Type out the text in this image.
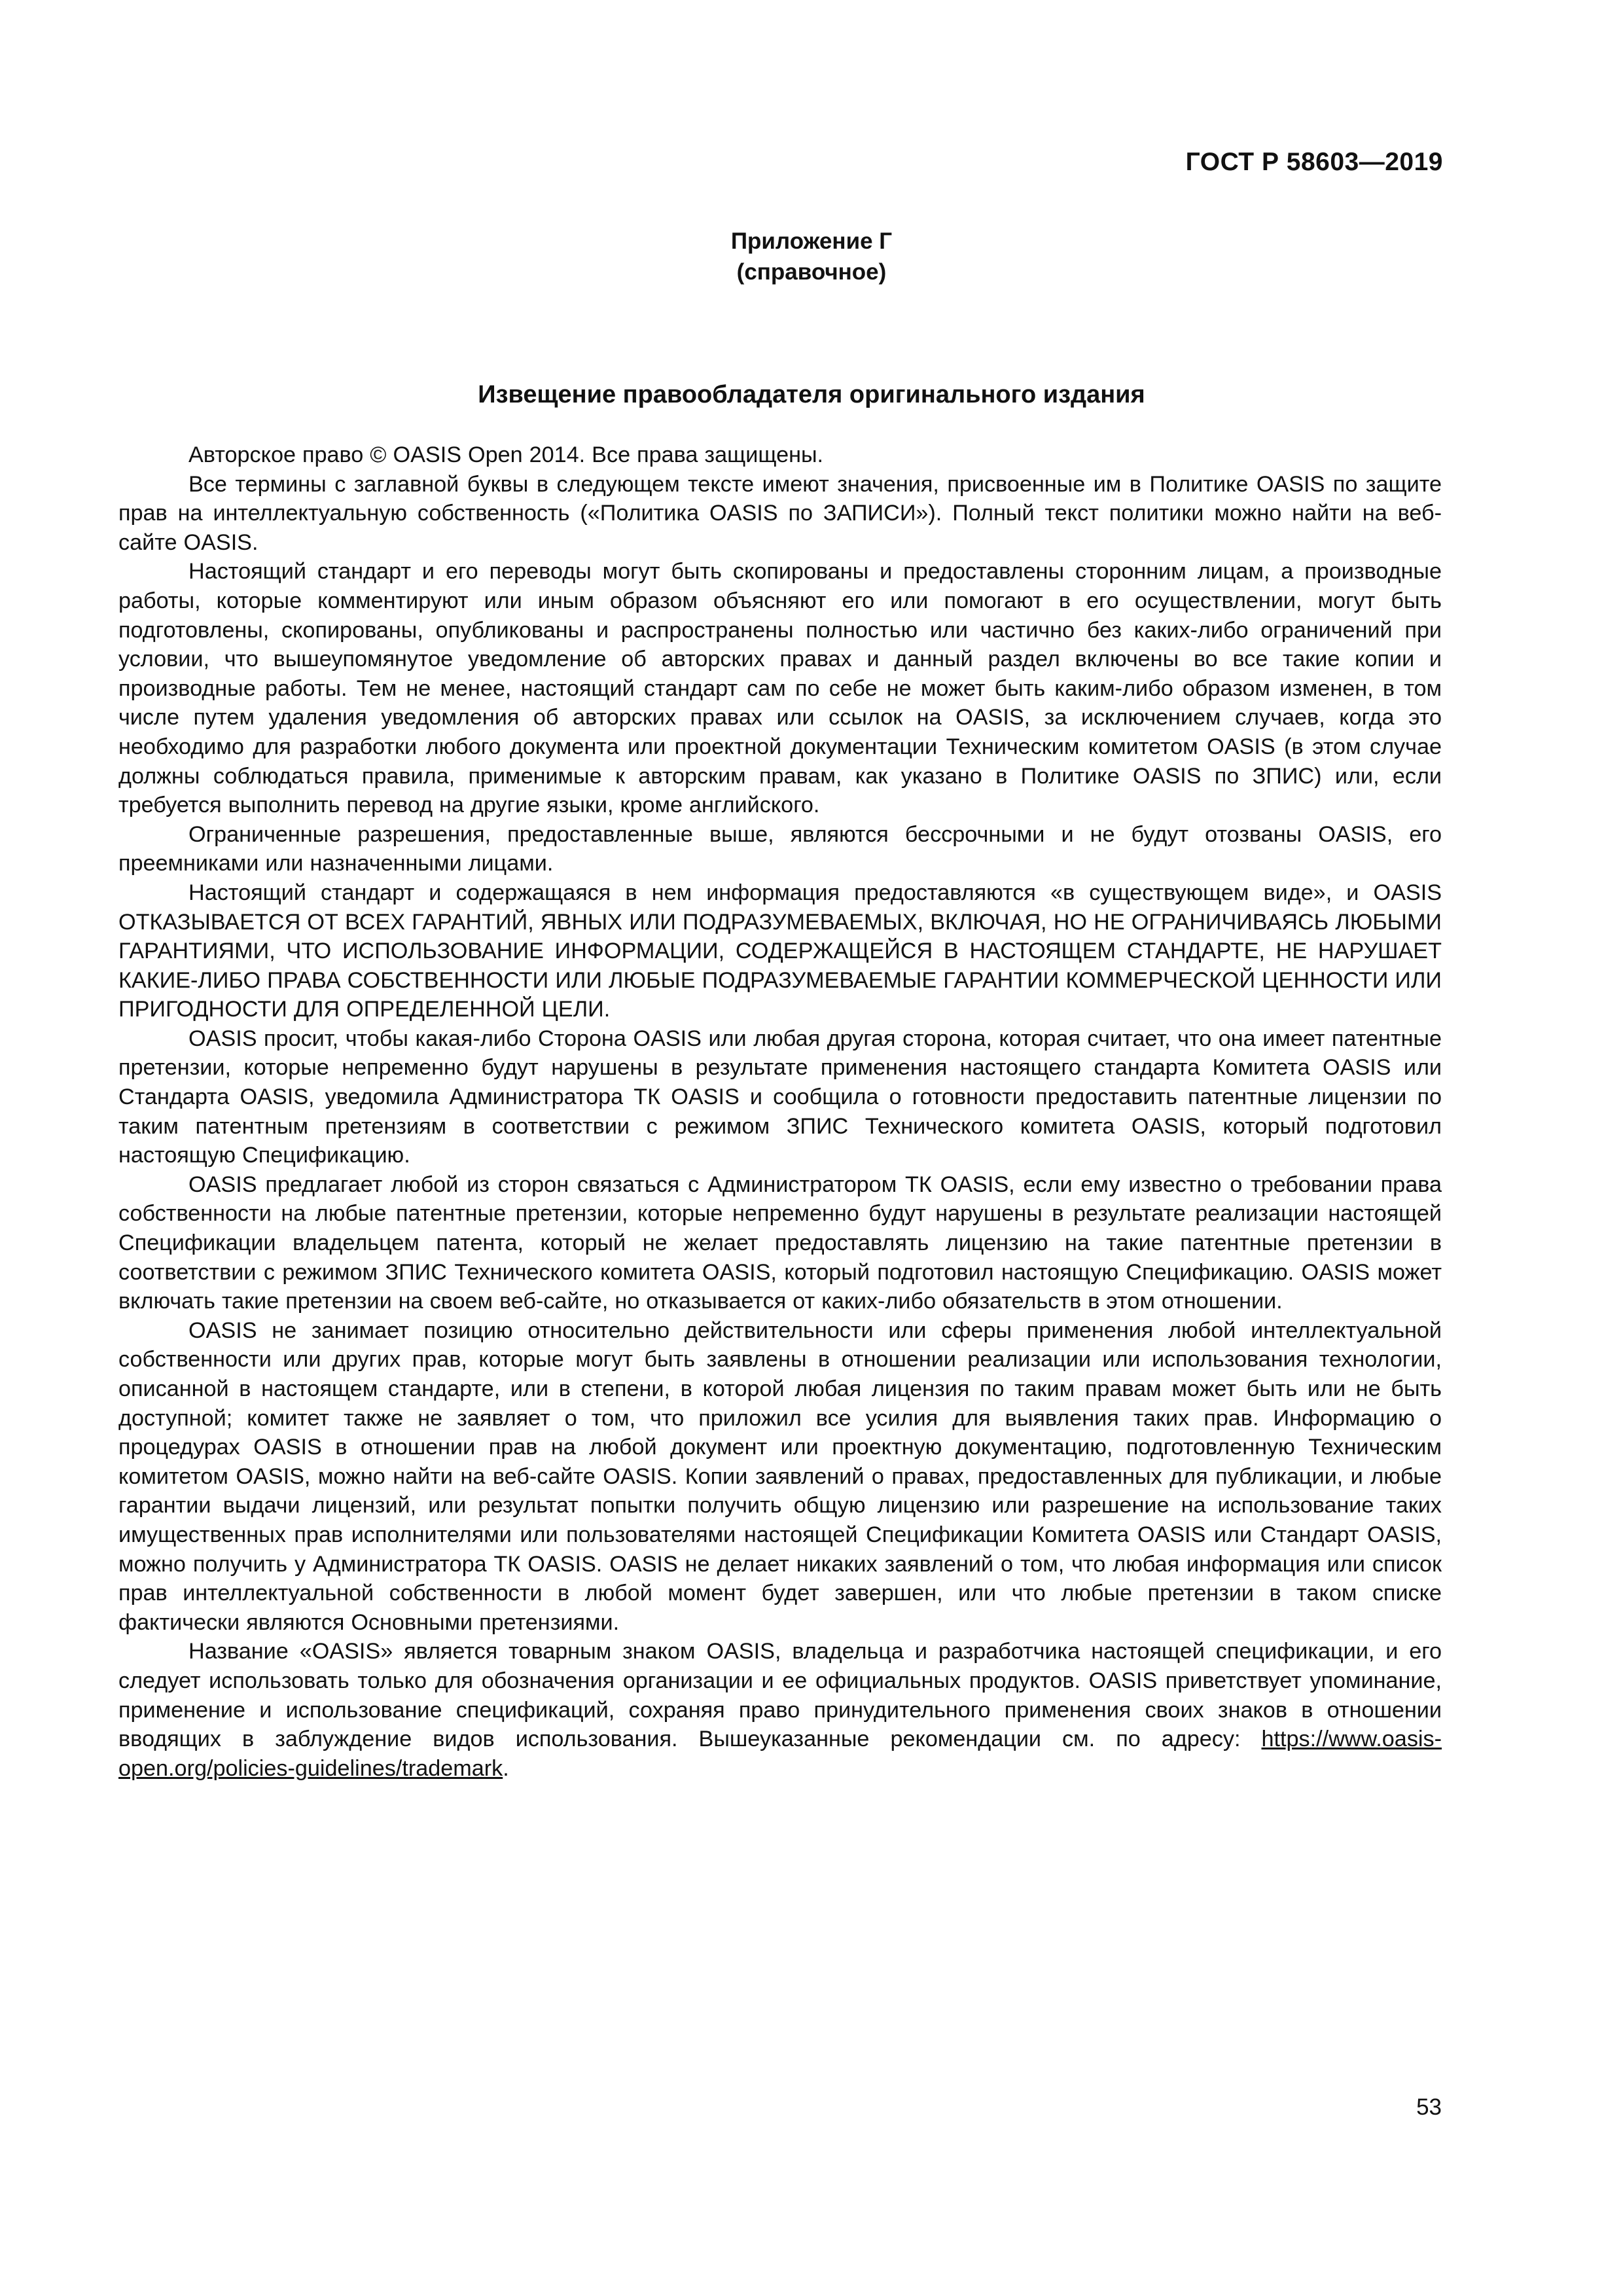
ГОСТ Р 58603—2019
Приложение Г
(справочное)
Извещение правообладателя оригинального издания

Авторское право © OASIS Open 2014. Все права защищены.

Все термины с заглавной буквы в следующем тексте имеют значения, присвоенные им в Политике OASIS по защите прав на интеллектуальную собственность («Политика OASIS по ЗАПИСИ»). Полный текст политики можно найти на веб-сайте OASIS.

Настоящий стандарт и его переводы могут быть скопированы и предоставлены сторонним лицам, а производные работы, которые комментируют или иным образом объясняют его или помогают в его осуществлении, могут быть подготовлены, скопированы, опубликованы и распространены полностью или частично без каких-либо ограничений при условии, что вышеупомянутое уведомление об авторских правах и данный раздел включены во все такие копии и производные работы. Тем не менее, настоящий стандарт сам по себе не может быть каким-либо образом изменен, в том числе путем удаления уведомления об авторских правах или ссылок на OASIS, за исключением случаев, когда это необходимо для разработки любого документа или проектной документации Техническим комитетом OASIS (в этом случае должны соблюдаться правила, применимые к авторским правам, как указано в Политике OASIS по ЗПИС) или, если требуется выполнить перевод на другие языки, кроме английского.

Ограниченные разрешения, предоставленные выше, являются бессрочными и не будут отозваны OASIS, его преемниками или назначенными лицами.

Настоящий стандарт и содержащаяся в нем информация предоставляются «в существующем виде», и OASIS ОТКАЗЫВАЕТСЯ ОТ ВСЕХ ГАРАНТИЙ, ЯВНЫХ ИЛИ ПОДРАЗУМЕВАЕМЫХ, ВКЛЮЧАЯ, НО НЕ ОГРАНИЧИВАЯСЬ ЛЮБЫМИ ГАРАНТИЯМИ, ЧТО ИСПОЛЬЗОВАНИЕ ИНФОРМАЦИИ, СОДЕРЖАЩЕЙСЯ В НАСТОЯЩЕМ СТАНДАРТЕ, НЕ НАРУШАЕТ КАКИЕ-ЛИБО ПРАВА СОБСТВЕННОСТИ ИЛИ ЛЮБЫЕ ПОДРАЗУМЕВАЕМЫЕ ГАРАНТИИ КОММЕРЧЕСКОЙ ЦЕННОСТИ ИЛИ ПРИГОДНОСТИ ДЛЯ ОПРЕДЕЛЕННОЙ ЦЕЛИ.

OASIS просит, чтобы какая-либо Сторона OASIS или любая другая сторона, которая считает, что она имеет патентные претензии, которые непременно будут нарушены в результате применения настоящего стандарта Комитета OASIS или Стандарта OASIS, уведомила Администратора ТК OASIS и сообщила о готовности предоставить патентные лицензии по таким патентным претензиям в соответствии с режимом ЗПИС Технического комитета OASIS, который подготовил настоящую Спецификацию.

OASIS предлагает любой из сторон связаться с Администратором ТК OASIS, если ему известно о требовании права собственности на любые патентные претензии, которые непременно будут нарушены в результате реализации настоящей Спецификации владельцем патента, который не желает предоставлять лицензию на такие патентные претензии в соответствии с режимом ЗПИС Технического комитета OASIS, который подготовил настоящую Спецификацию. OASIS может включать такие претензии на своем веб-сайте, но отказывается от каких-либо обязательств в этом отношении.

OASIS не занимает позицию относительно действительности или сферы применения любой интеллектуальной собственности или других прав, которые могут быть заявлены в отношении реализации или использования технологии, описанной в настоящем стандарте, или в степени, в которой любая лицензия по таким правам может быть или не быть доступной; комитет также не заявляет о том, что приложил все усилия для выявления таких прав. Информацию о процедурах OASIS в отношении прав на любой документ или проектную документацию, подготовленную Техническим комитетом OASIS, можно найти на веб-сайте OASIS. Копии заявлений о правах, предоставленных для публикации, и любые гарантии выдачи лицензий, или результат попытки получить общую лицензию или разрешение на использование таких имущественных прав исполнителями или пользователями настоящей Спецификации Комитета OASIS или Стандарт OASIS, можно получить у Администратора ТК OASIS. OASIS не делает никаких заявлений о том, что любая информация или список прав интеллектуальной собственности в любой момент будет завершен, или что любые претензии в таком списке фактически являются Основными претензиями.

Название «OASIS» является товарным знаком OASIS, владельца и разработчика настоящей спецификации, и его следует использовать только для обозначения организации и ее официальных продуктов. OASIS приветствует упоминание, применение и использование спецификаций, сохраняя право принудительного применения своих знаков в отношении вводящих в заблуждение видов использования. Вышеуказанные рекомендации см. по адресу: https://www.oasis-open.org/policies-guidelines/trademark.

53
